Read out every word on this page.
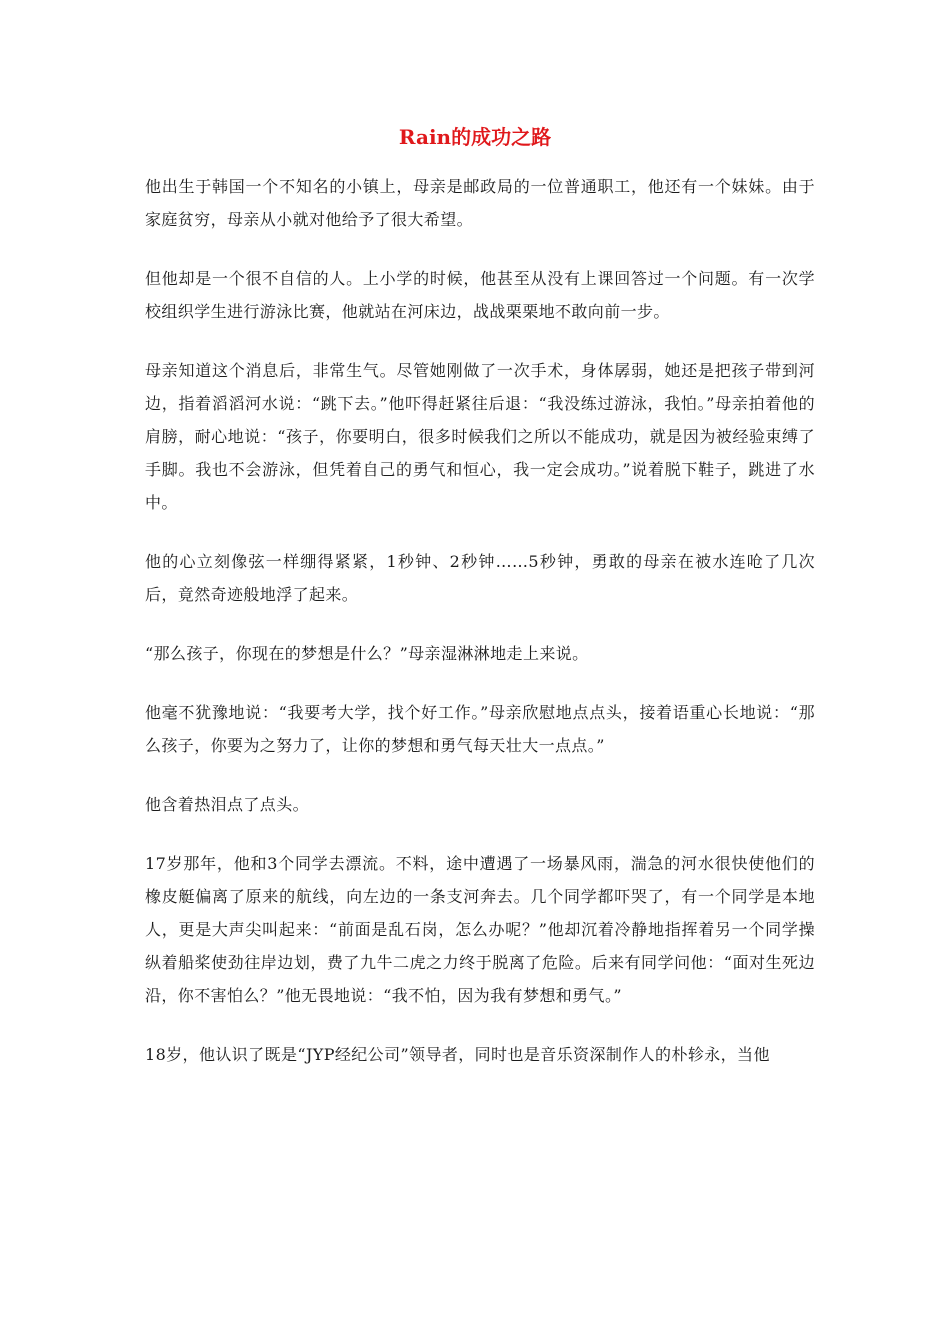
Rain的成功之路

他出生于韩国一个不知名的小镇上，母亲是邮政局的一位普通职工，他还有一个妹妹。由于家庭贫穷，母亲从小就对他给予了很大希望。

但他却是一个很不自信的人。上小学的时候，他甚至从没有上课回答过一个问题。有一次学校组织学生进行游泳比赛，他就站在河床边，战战栗栗地不敢向前一步。

母亲知道这个消息后，非常生气。尽管她刚做了一次手术，身体孱弱，她还是把孩子带到河边，指着滔滔河水说：“跳下去。”他吓得赶紧往后退：“我没练过游泳，我怕。”母亲拍着他的肩膀，耐心地说：“孩子，你要明白，很多时候我们之所以不能成功，就是因为被经验束缚了手脚。我也不会游泳，但凭着自己的勇气和恒心，我一定会成功。”说着脱下鞋子，跳进了水中。

他的心立刻像弦一样绷得紧紧，1秒钟、2秒钟……5秒钟，勇敢的母亲在被水连呛了几次后，竟然奇迹般地浮了起来。

“那么孩子，你现在的梦想是什么？”母亲湿淋淋地走上来说。

他毫不犹豫地说：“我要考大学，找个好工作。”母亲欣慰地点点头，接着语重心长地说：“那么孩子，你要为之努力了，让你的梦想和勇气每天壮大一点点。”

他含着热泪点了点头。

17岁那年，他和3个同学去漂流。不料，途中遭遇了一场暴风雨，湍急的河水很快使他们的橡皮艇偏离了原来的航线，向左边的一条支河奔去。几个同学都吓哭了，有一个同学是本地人，更是大声尖叫起来：“前面是乱石岗，怎么办呢？”他却沉着冷静地指挥着另一个同学操纵着船桨使劲往岸边划，费了九牛二虎之力终于脱离了危险。后来有同学问他：“面对生死边沿，你不害怕么？”他无畏地说：“我不怕，因为我有梦想和勇气。”

18岁，他认识了既是“JYP经纪公司”领导者，同时也是音乐资深制作人的朴轸永，当他
